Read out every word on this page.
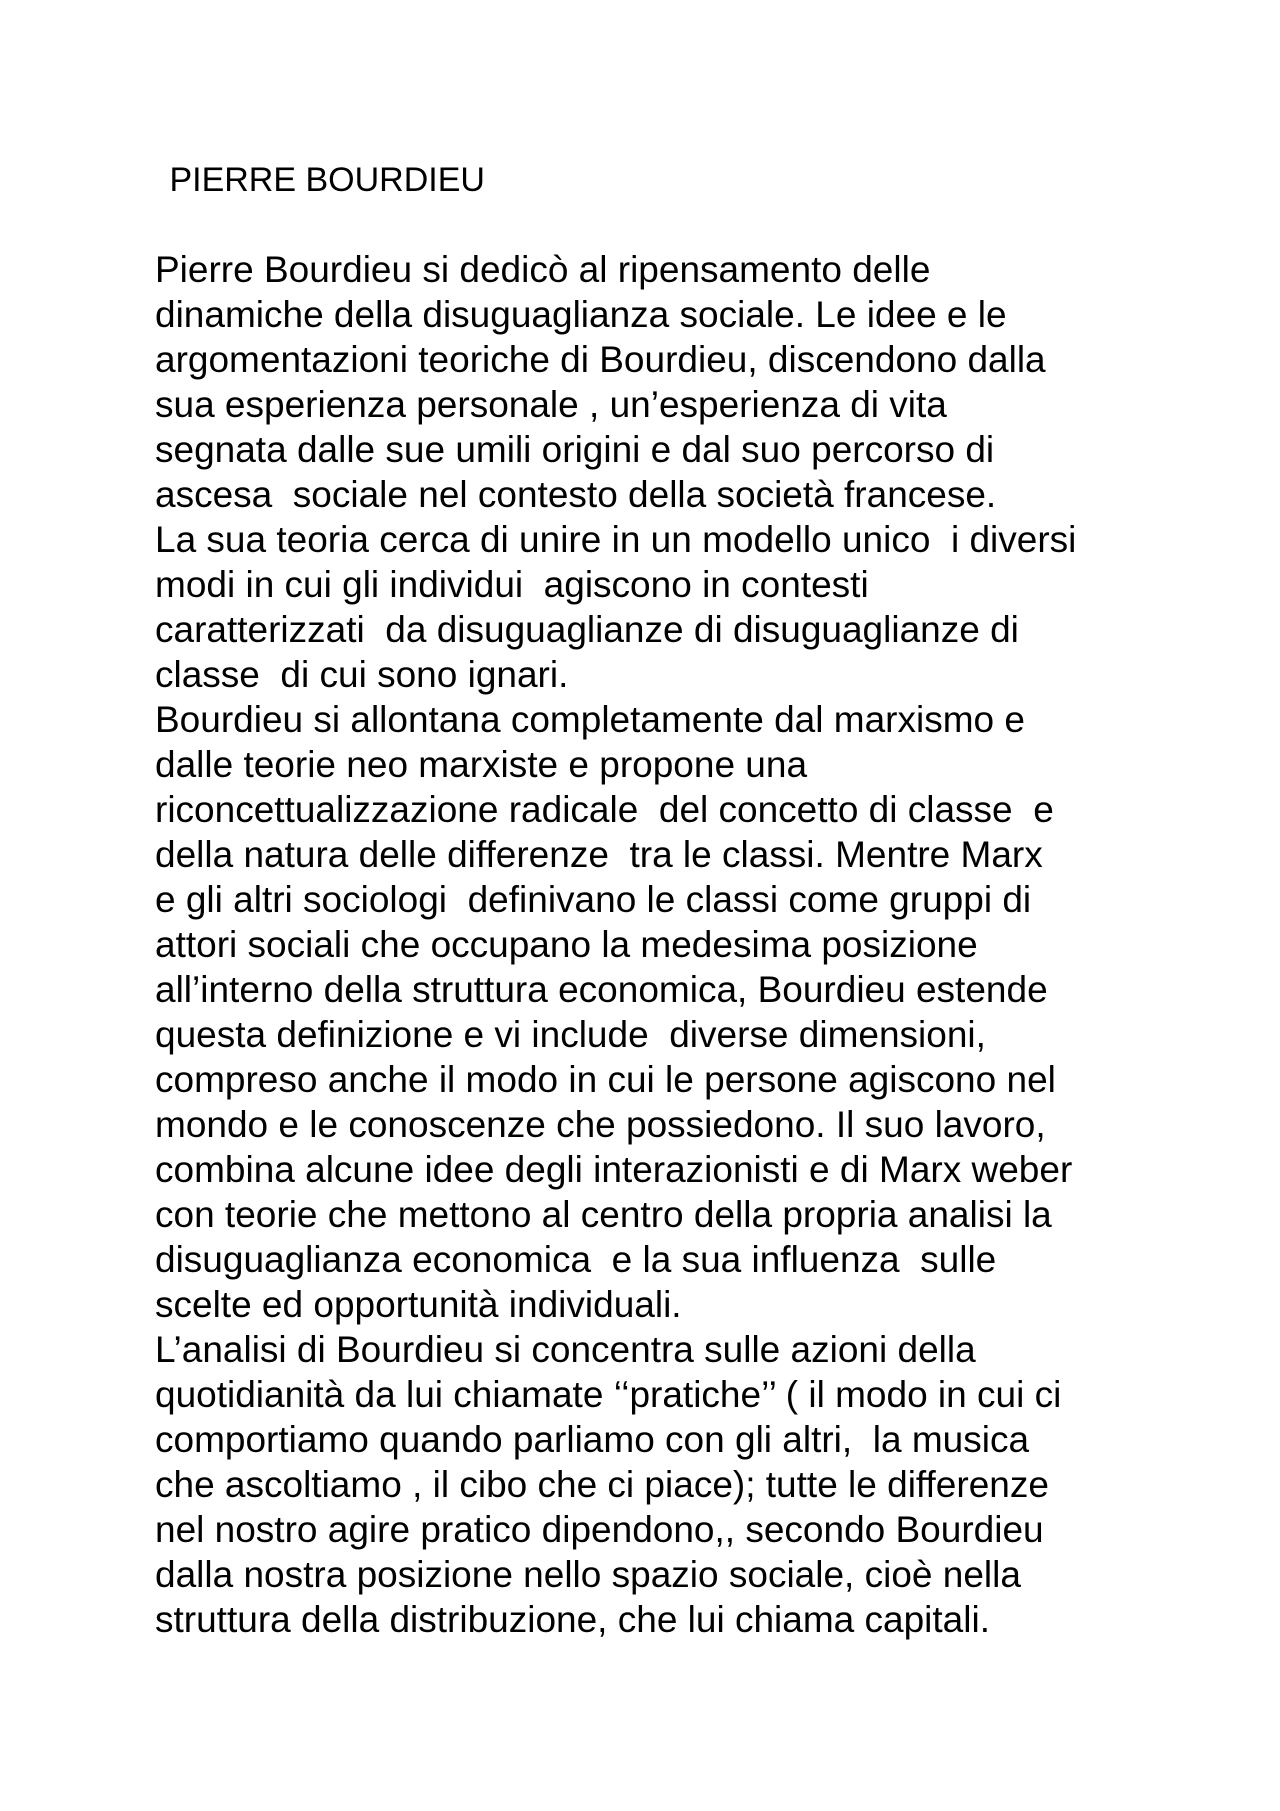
PIERRE BOURDIEU
Pierre Bourdieu si dedicò al ripensamento delle
dinamiche della disuguaglianza sociale. Le idee e le
argomentazioni teoriche di Bourdieu, discendono dalla
sua esperienza personale , un’esperienza di vita
segnata dalle sue umili origini e dal suo percorso di
ascesa  sociale nel contesto della società francese.
La sua teoria cerca di unire in un modello unico  i diversi
modi in cui gli individui  agiscono in contesti
caratterizzati  da disuguaglianze di disuguaglianze di
classe  di cui sono ignari.
Bourdieu si allontana completamente dal marxismo e
dalle teorie neo marxiste e propone una
riconcettualizzazione radicale  del concetto di classe  e
della natura delle differenze  tra le classi. Mentre Marx
e gli altri sociologi  definivano le classi come gruppi di
attori sociali che occupano la medesima posizione
all’interno della struttura economica, Bourdieu estende
questa definizione e vi include  diverse dimensioni,
compreso anche il modo in cui le persone agiscono nel
mondo e le conoscenze che possiedono. Il suo lavoro,
combina alcune idee degli interazionisti e di Marx weber
con teorie che mettono al centro della propria analisi la
disuguaglianza economica  e la sua influenza  sulle
scelte ed opportunità individuali.
L’analisi di Bourdieu si concentra sulle azioni della
quotidianità da lui chiamate ‘‘pratiche’’ ( il modo in cui ci
comportiamo quando parliamo con gli altri,  la musica
che ascoltiamo , il cibo che ci piace); tutte le differenze
nel nostro agire pratico dipendono,, secondo Bourdieu
dalla nostra posizione nello spazio sociale, cioè nella
struttura della distribuzione, che lui chiama capitali.
